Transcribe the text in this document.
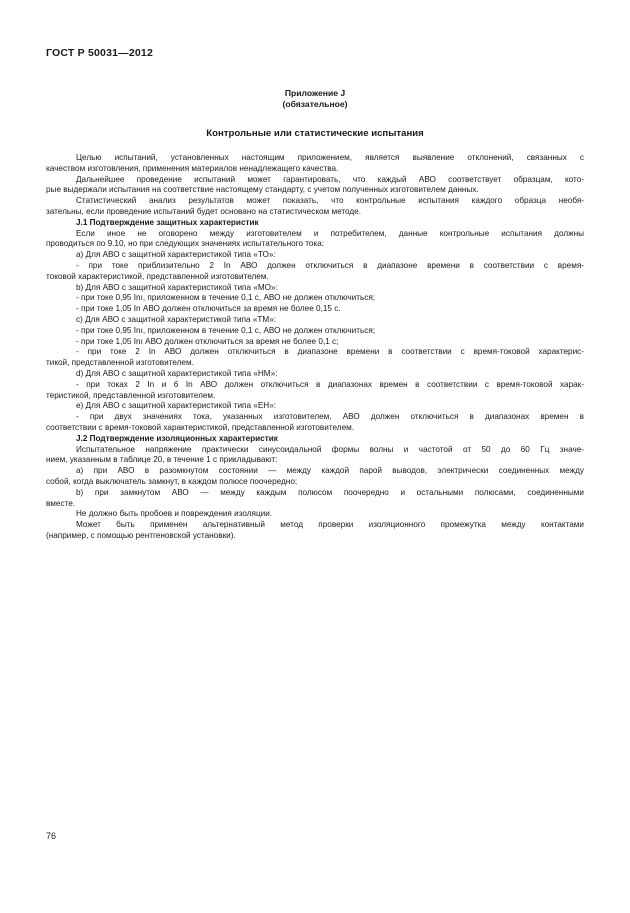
ГОСТ Р 50031—2012
Приложение J
(обязательное)
Контрольные или статистические испытания

Целью испытаний, установленных настоящим приложением, является выявление отклонений, связанных с

качеством изготовления, применения материалов ненадлежащего качества.

Дальнейшее проведение испытаний может гарантировать, что каждый АВО соответствует образцам, кото-

рые выдержали испытания на соответствие настоящему стандарту, с учетом полученных изготовителем данных.

Статистический анализ результатов может показать, что контрольные испытания каждого образца необя-

зательны, если проведение испытаний будет основано на статистическом методе.

J.1 Подтверждение защитных характеристик

Если иное не оговорено между изготовителем и потребителем, данные контрольные испытания должны

проводиться по 9.10, но при следующих значениях испытательного тока:

а) Для АВО с защитной характеристикой типа «ТО»:

- при токе приблизительно 2 In АВО должен отключиться в диапазоне времени в соответствии с время-

токовой характеристикой, представленной изготовителем.

b) Для АВО с защитной характеристикой типа «МО»:

- при токе 0,95 Inı, приложенном в течение 0,1 с, АВО не должен отключиться;

- при токе 1,05 In АВО должен отключиться за время не более 0,15 с.

c) Для АВО с защитной характеристикой типа «ТМ»:

- при токе 0,95 Inı, приложенном в течение 0,1 с, АВО не должен отключиться;

- при токе 1,05 Inı АВО должен отключиться за время не более 0,1 с;

- при токе 2 In АВО должен отключиться в диапазоне времени в соответствии с время-токовой характерис-

тикой, представленной изготовителем.

d) Для АВО с защитной характеристикой типа «НМ»:

- при токах 2 In и 6 In АВО должен отключиться в диапазонах времен в соответствии с время-токовой харак-

теристикой, представленной изготовителем.

e) Для АВО с защитной характеристикой типа «ЕН»:

- при двух значениях тока, указанных изготовителем, АВО должен отключиться в диапазонах времен в

соответствии с время-токовой характеристикой, представленной изготовителем.

J.2 Подтверждение изоляционных характеристик

Испытательное напряжение практически синусоидальной формы волны и частотой от 50 до 60 Гц значе-

нием, указанным в таблице 20, в течение 1 с прикладывают:

а) при АВО в разомкнутом состоянии — между каждой парой выводов, электрически соединенных между

собой, когда выключатель замкнут, в каждом полюсе поочередно;

b) при замкнутом АВО — между каждым полюсом поочередно и остальными полюсами, соединенными

вместе.

Не должно быть пробоев и повреждения изоляции.

Может быть применен альтернативный метод проверки изоляционного промежутка между контактами

(например, с помощью рентгеновской установки).

76
